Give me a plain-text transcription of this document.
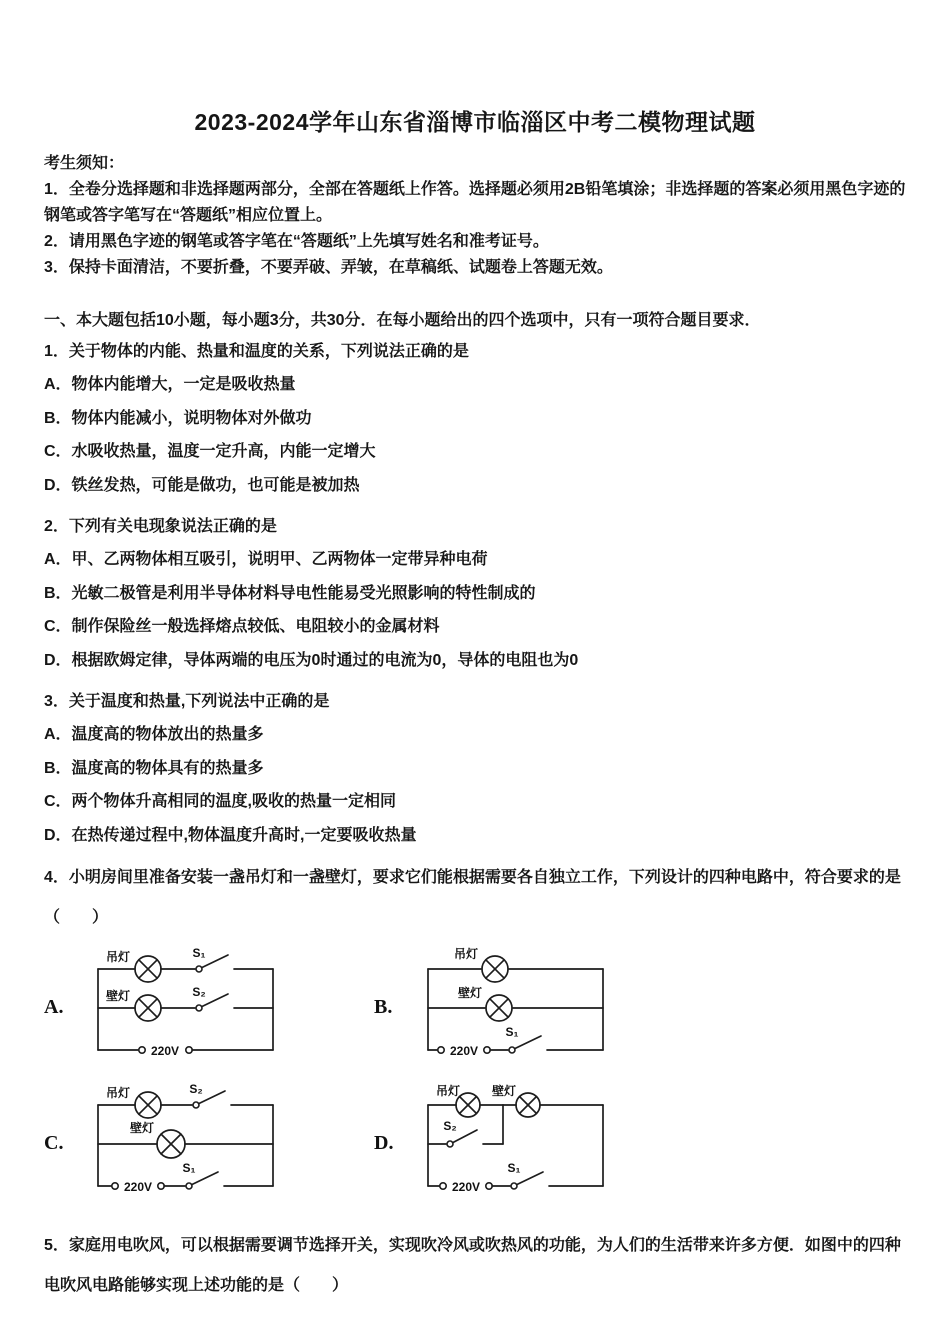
2023-2024学年山东省淄博市临淄区中考二模物理试题

考生须知：

1．全卷分选择题和非选择题两部分，全部在答题纸上作答。选择题必须用2B铅笔填涂；非选择题的答案必须用黑色字迹的钢笔或答字笔写在“答题纸”相应位置上。

2．请用黑色字迹的钢笔或答字笔在“答题纸”上先填写姓名和准考证号。

3．保持卡面清洁，不要折叠，不要弄破、弄皱，在草稿纸、试题卷上答题无效。

一、本大题包括10小题，每小题3分，共30分．在每小题给出的四个选项中，只有一项符合题目要求．

1．关于物体的内能、热量和温度的关系，下列说法正确的是

A．物体内能增大，一定是吸收热量

B．物体内能减小，说明物体对外做功

C．水吸收热量，温度一定升高，内能一定增大

D．铁丝发热，可能是做功，也可能是被加热

2．下列有关电现象说法正确的是

A．甲、乙两物体相互吸引，说明甲、乙两物体一定带异种电荷

B．光敏二极管是利用半导体材料导电性能易受光照影响的特性制成的

C．制作保险丝一般选择熔点较低、电阻较小的金属材料

D．根据欧姆定律，导体两端的电压为0时通过的电流为0，导体的电阻也为0

3．关于温度和热量,下列说法中正确的是

A．温度高的物体放出的热量多

B．温度高的物体具有的热量多

C．两个物体升高相同的温度,吸收的热量一定相同

D．在热传递过程中,物体温度升高时,一定要吸收热量

4．小明房间里准备安装一盏吊灯和一盏壁灯，要求它们能根据需要各自独立工作，下列设计的四种电路中，符合要求的是（　　）

A.
吊灯	S₁
壁灯	S₂
220V
B.
吊灯
壁灯
220V
S₁
C.
吊灯	S₂
壁灯
220V
S₁
D.
吊灯	壁灯
S₂
220V
S₁

5．家庭用电吹风，可以根据需要调节选择开关，实现吹冷风或吹热风的功能，为人们的生活带来许多方便．如图中的四种电吹风电路能够实现上述功能的是（　　）
